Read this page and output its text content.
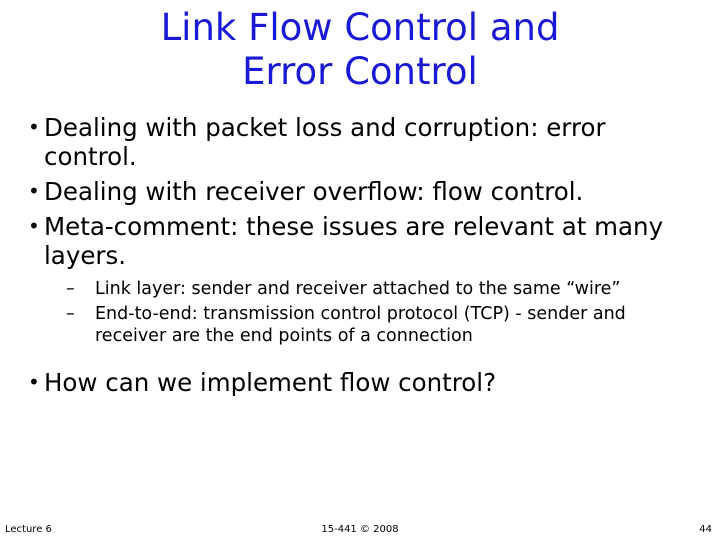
Link Flow Control and
Error Control
• Dealing with packet loss and corruption: error control.
• Dealing with receiver overflow: flow control.
• Meta-comment: these issues are relevant at many layers.
– Link layer: sender and receiver attached to the same “wire”
– End-to-end: transmission control protocol (TCP) - sender and receiver are the end points of a connection
• How can we implement flow control?
Lecture 6	15-441 © 2008	44
